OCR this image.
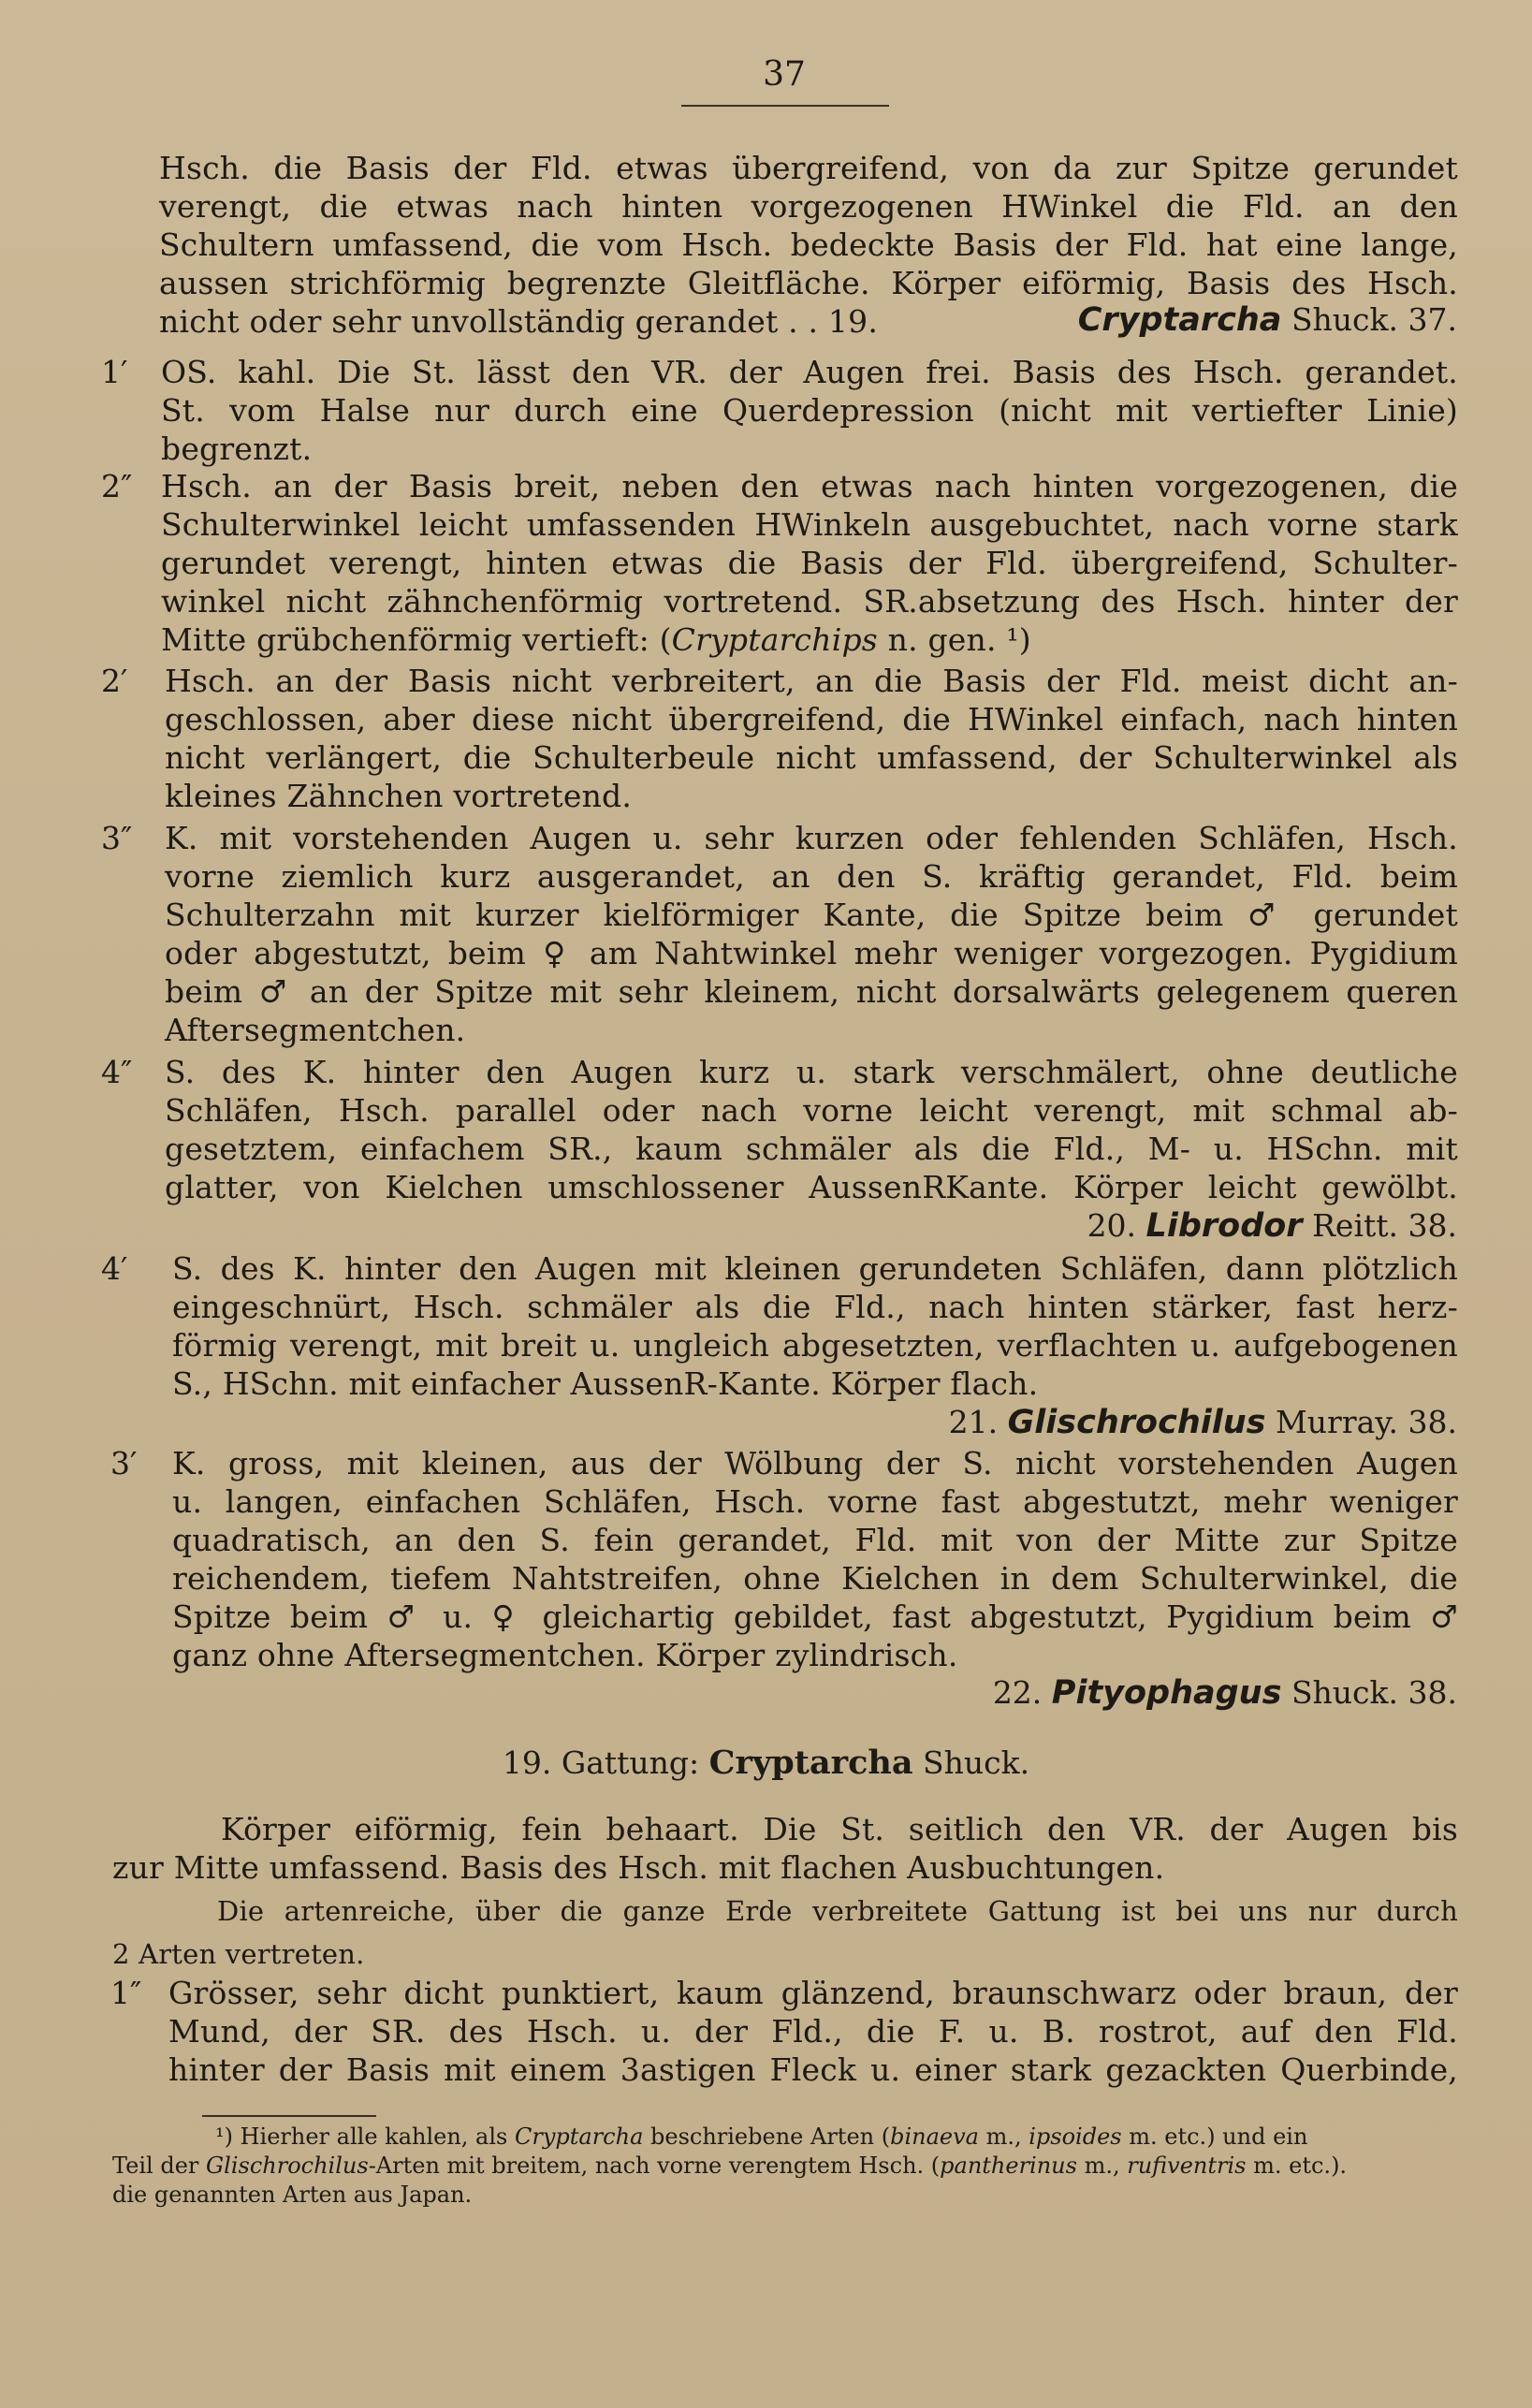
37
Hsch. die Basis der Fld. etwas übergreifend, von da zur Spitze gerundet
verengt, die etwas nach hinten vorgezogenen HWinkel die Fld. an den
Schultern umfassend, die vom Hsch. bedeckte Basis der Fld. hat eine lange,
aussen strichförmig begrenzte Gleitfläche. Körper eiförmig, Basis des Hsch.
nicht oder sehr unvollständig gerandet . . 19.	Cryptarcha Shuck. 37.
1′	OS. kahl. Die St. lässt den VR. der Augen frei. Basis des Hsch. gerandet.
St. vom Halse nur durch eine Querdepression (nicht mit vertiefter Linie)
begrenzt.
2″ Hsch. an der Basis breit, neben den etwas nach hinten vorgezogenen, die
Schulterwinkel leicht umfassenden HWinkeln ausgebuchtet, nach vorne stark
gerundet verengt, hinten etwas die Basis der Fld. übergreifend, Schulter-
winkel nicht zähnchenförmig vortretend. SR.absetzung des Hsch. hinter der
Mitte grübchenförmig vertieft: (Cryptarchips n. gen. ¹)
2′	Hsch. an der Basis nicht verbreitert, an die Basis der Fld. meist dicht an-
geschlossen, aber diese nicht übergreifend, die HWinkel einfach, nach hinten
nicht verlängert, die Schulterbeule nicht umfassend, der Schulterwinkel als
kleines Zähnchen vortretend.
3″	K. mit vorstehenden Augen u. sehr kurzen oder fehlenden Schläfen, Hsch.
vorne ziemlich kurz ausgerandet, an den S. kräftig gerandet, Fld. beim
Schulterzahn mit kurzer kielförmiger Kante, die Spitze beim ♂ gerundet
oder abgestutzt, beim ♀ am Nahtwinkel mehr weniger vorgezogen. Pygidium
beim ♂ an der Spitze mit sehr kleinem, nicht dorsalwärts gelegenem queren
Aftersegmentchen.
4″	S. des K. hinter den Augen kurz u. stark verschmälert, ohne deutliche
Schläfen, Hsch. parallel oder nach vorne leicht verengt, mit schmal ab-
gesetztem, einfachem SR., kaum schmäler als die Fld., M- u. HSchn. mit
glatter, von Kielchen umschlossener AussenRKante. Körper leicht gewölbt.
20. Librodor Reitt. 38.
4′	S. des K. hinter den Augen mit kleinen gerundeten Schläfen, dann plötzlich
eingeschnürt, Hsch. schmäler als die Fld., nach hinten stärker, fast herz-
förmig verengt, mit breit u. ungleich abgesetzten, verflachten u. aufgebogenen
S., HSchn. mit einfacher AussenR-Kante. Körper flach.
21. Glischrochilus Murray. 38.
3′	K. gross, mit kleinen, aus der Wölbung der S. nicht vorstehenden Augen
u. langen, einfachen Schläfen, Hsch. vorne fast abgestutzt, mehr weniger
quadratisch, an den S. fein gerandet, Fld. mit von der Mitte zur Spitze
reichendem, tiefem Nahtstreifen, ohne Kielchen in dem Schulterwinkel, die
Spitze beim ♂ u. ♀ gleichartig gebildet, fast abgestutzt, Pygidium beim ♂
ganz ohne Aftersegmentchen. Körper zylindrisch.
22. Pityophagus Shuck. 38.
19. Gattung: Cryptarcha Shuck.
Körper eiförmig, fein behaart. Die St. seitlich den VR. der Augen bis
zur Mitte umfassend. Basis des Hsch. mit flachen Ausbuchtungen.
Die artenreiche, über die ganze Erde verbreitete Gattung ist bei uns nur durch
2 Arten vertreten.
1″ Grösser, sehr dicht punktiert, kaum glänzend, braunschwarz oder braun, der
Mund, der SR. des Hsch. u. der Fld., die F. u. B. rostrot, auf den Fld.
hinter der Basis mit einem 3astigen Fleck u. einer stark gezackten Querbinde,
¹) Hierher alle kahlen, als Cryptarcha beschriebene Arten (binaeva m., ipsoides m. etc.) und ein
Teil der Glischrochilus-Arten mit breitem, nach vorne verengtem Hsch. (pantherinus m., rufiventris m. etc.).
die genannten Arten aus Japan.
